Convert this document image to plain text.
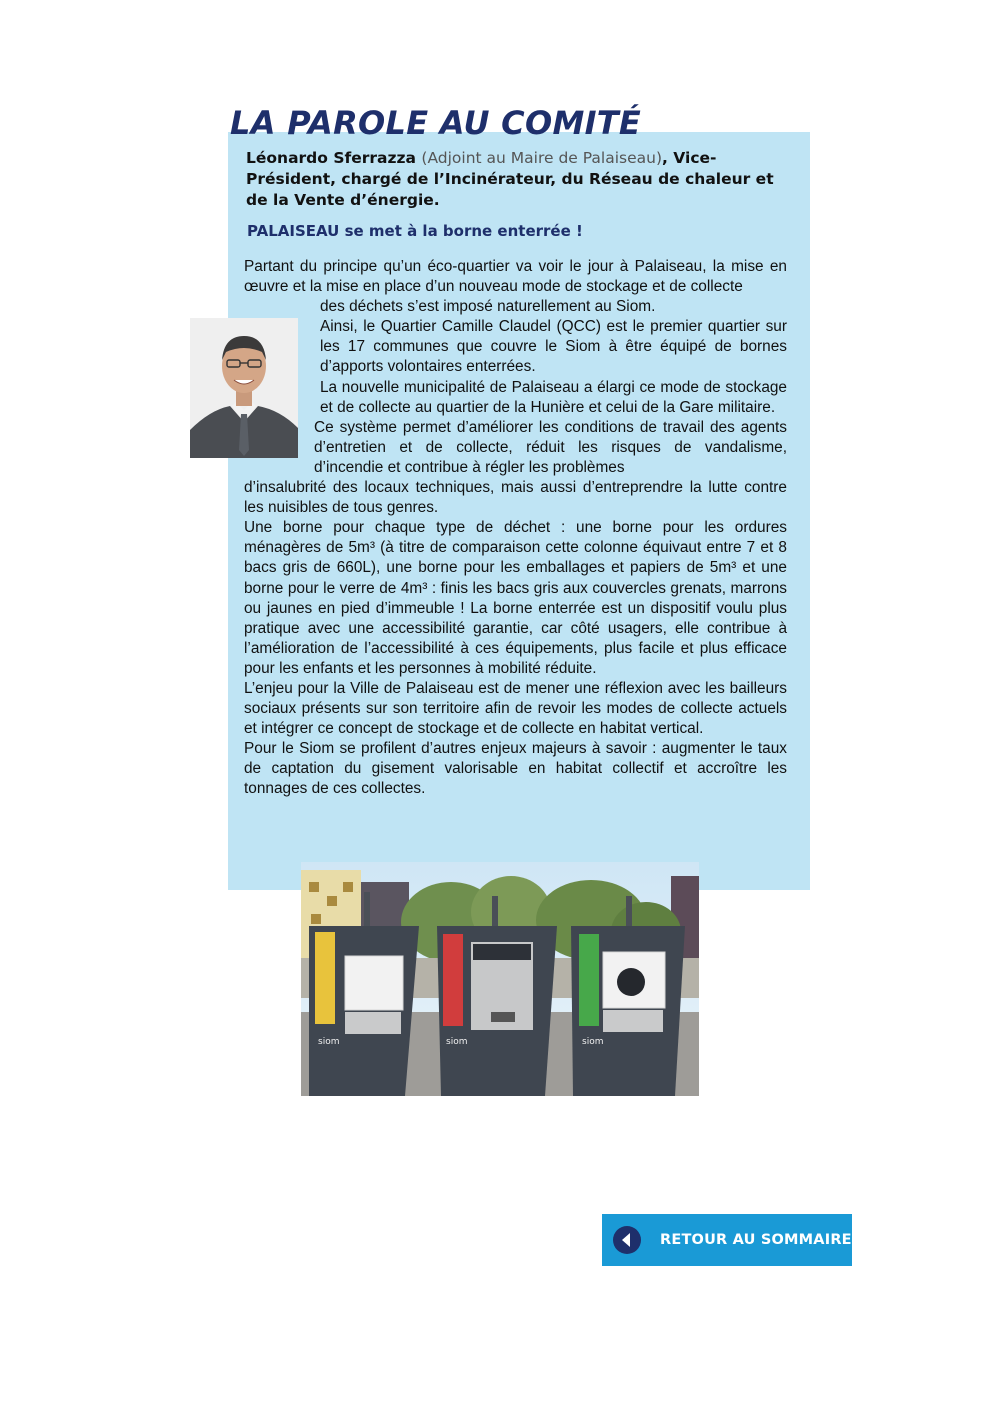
LA PAROLE AU COMITÉ
Léonardo Sferrazza (Adjoint au Maire de Palaiseau), Vice-Président, chargé de l’Incinérateur, du Réseau de chaleur et de la Vente d’énergie.
PALAISEAU se met à la borne enterrée !

Partant du principe qu’un éco-quartier va voir le jour à Palaiseau, la mise en œuvre et la mise en place d’un nouveau mode de stockage et de collecte

des déchets s’est imposé naturellement au Siom.

Ainsi, le Quartier Camille Claudel (QCC) est le premier quartier sur les 17 communes que couvre le Siom à être équipé de bornes d’apports volontaires enterrées.

La nouvelle municipalité de Palaiseau a élargi ce mode de stockage et de collecte au quartier de la Hunière et celui de la Gare militaire.

Ce système permet d’améliorer les conditions de travail des agents d’entretien et de collecte, réduit les risques de vandalisme, d’incendie et contribue à régler les problèmes

d’insalubrité des locaux techniques, mais aussi d’entreprendre la lutte contre les nuisibles de tous genres.

Une borne pour chaque type de déchet : une borne pour les ordures ménagères de 5m³ (à titre de comparaison cette colonne équivaut entre 7 et 8 bacs gris de 660L), une borne pour les emballages et papiers de 5m³ et une borne pour le verre de 4m³ : finis les bacs gris aux couvercles grenats, marrons ou jaunes en pied d’immeuble ! La borne enterrée est un dispositif voulu plus pratique avec une accessibilité garantie, car côté usagers, elle contribue à l’amélioration de l’accessibilité à ces équipements, plus facile et plus efficace pour les enfants et les personnes à mobilité réduite.

L’enjeu pour la Ville de Palaiseau est de mener une réflexion avec les bailleurs sociaux présents sur son territoire afin de revoir les modes de collecte actuels et intégrer ce concept de stockage et de collecte en habitat vertical.

Pour le Siom se profilent d’autres enjeux majeurs à savoir : augmenter le taux de captation du gisement valorisable en habitat collectif et accroître les tonnages de ces collectes.

siom	siom	siom
RETOUR AU SOMMAIRE
